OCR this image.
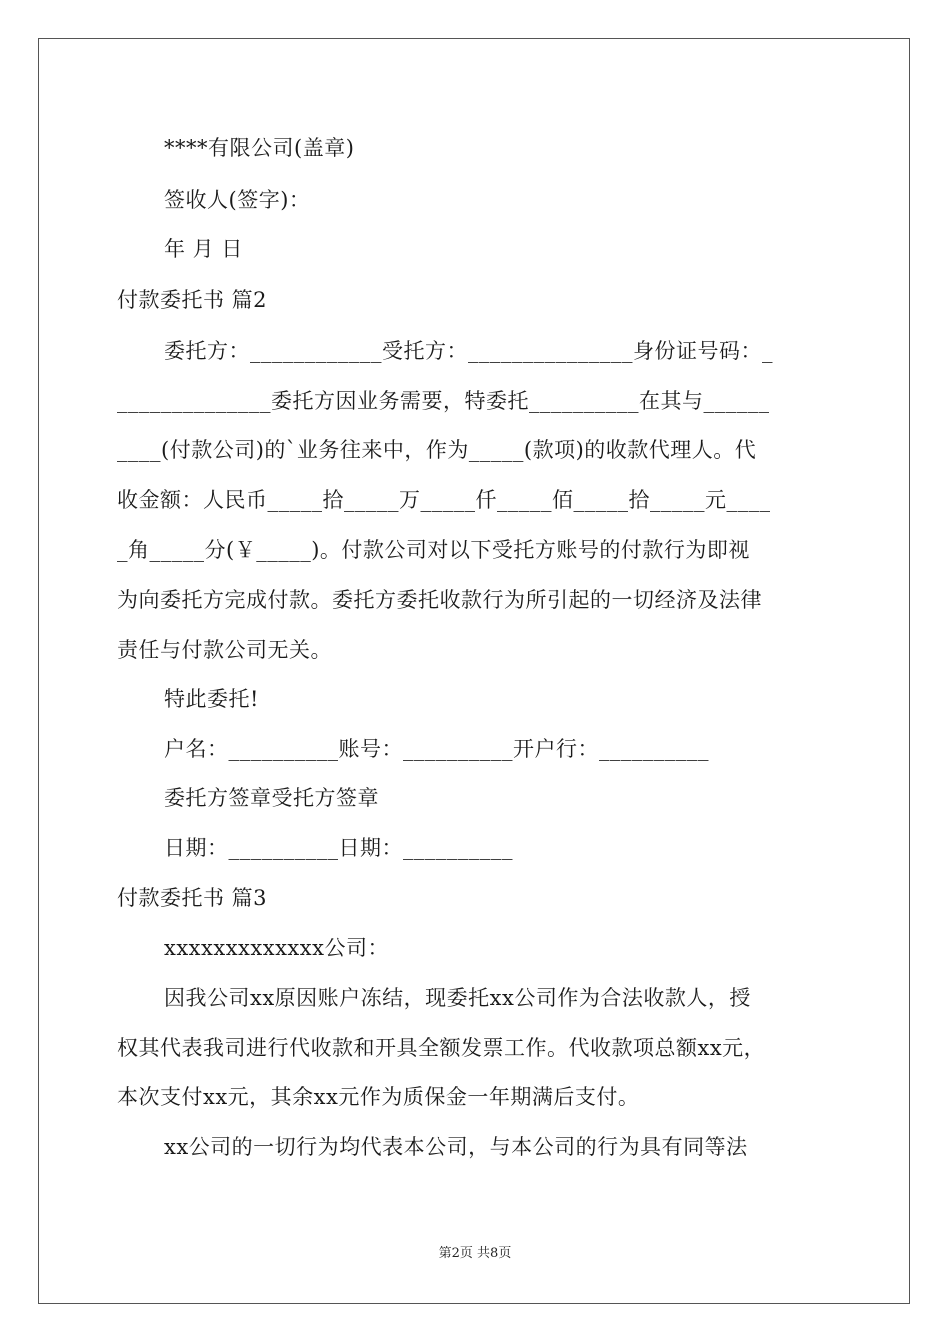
****有限公司(盖章)
签收人(签字)：
年 月 日
付款委托书 篇2
委托方：____________受托方：_______________身份证号码：_
______________委托方因业务需要，特委托__________在其与______
____(付款公司)的`业务往来中，作为_____(款项)的收款代理人。代
收金额：人民币_____拾_____万_____仟_____佰_____拾_____元____
_角_____分(￥_____)。付款公司对以下受托方账号的付款行为即视
为向委托方完成付款。委托方委托收款行为所引起的一切经济及法律
责任与付款公司无关。
特此委托!
户名：__________账号：__________开户行：__________
委托方签章受托方签章
日期：__________日期：__________
付款委托书 篇3
xxxxxxxxxxxxx公司：
因我公司xx原因账户冻结，现委托xx公司作为合法收款人，授
权其代表我司进行代收款和开具全额发票工作。代收款项总额xx元，
本次支付xx元，其余xx元作为质保金一年期满后支付。
xx公司的一切行为均代表本公司，与本公司的行为具有同等法
第2页 共8页
